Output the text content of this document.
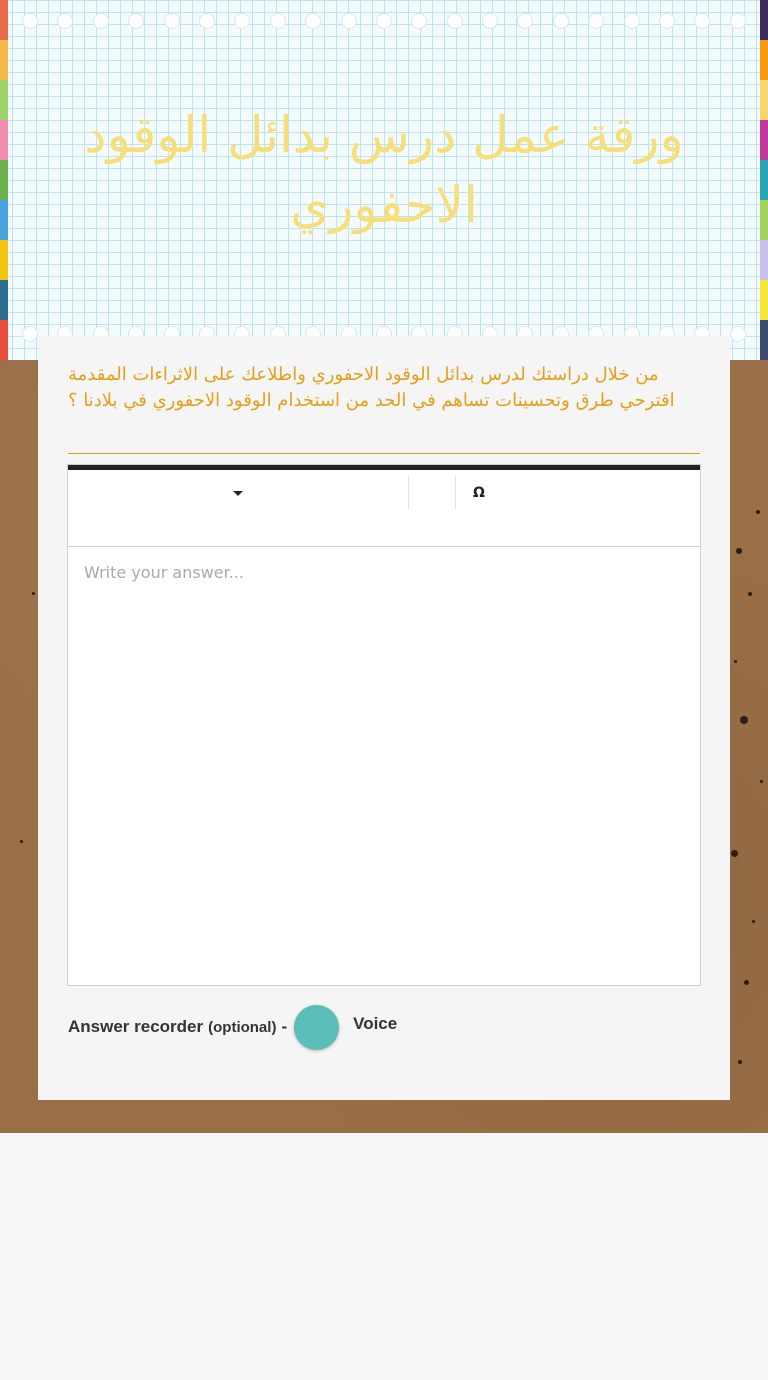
ورقة عمل درس بدائل الوقود الاحفوري

من خلال دراستك لدرس بدائل الوقود الاحفوري واطلاعك على الاثراءات المقدمة اقترحي طرق وتحسينات تساهم في الحد من استخدام الوقود الاحفوري في بلادنا ؟

Ω
Write your answer...
Answer recorder (optional) -	Voice
